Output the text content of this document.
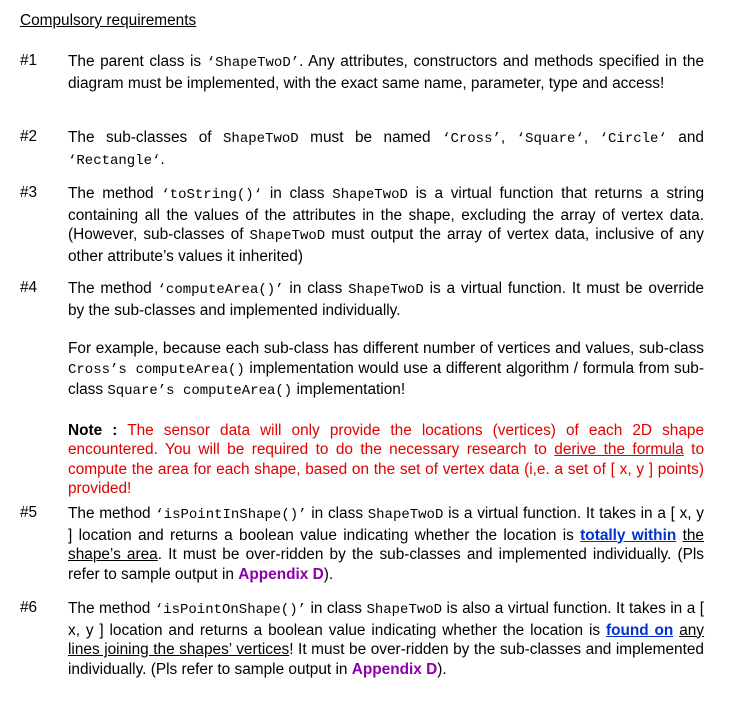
Compulsory requirements
#1	The parent class is ‘ShapeTwoD’. Any attributes, constructors and methods specified in the diagram must be implemented, with the exact same name, parameter, type and access!

#2	The sub-classes of ShapeTwoD must be named ‘Cross’, ‘Square‘, ‘Circle‘ and ‘Rectangle‘.

#3	The method ‘toString()‘ in class ShapeTwoD is a virtual function that returns a string containing all the values of the attributes in the shape, excluding the array of vertex data. (However, sub-classes of ShapeTwoD must output the array of vertex data, inclusive of any other attribute’s values it inherited)

#4	The method ‘computeArea()’ in class ShapeTwoD is a virtual function. It must be override by the sub-classes and implemented individually.

For example, because each sub-class has different number of vertices and values, sub-class Cross’s computeArea() implementation would use a different algorithm / formula from sub-class Square’s computeArea() implementation!

Note : The sensor data will only provide the locations (vertices) of each 2D shape encountered. You will be required to do the necessary research to derive the formula to compute the area for each shape, based on the set of vertex data (i,e. a set of [ x, y ] points) provided!

#5	The method ‘isPointInShape()’ in class ShapeTwoD is a virtual function. It takes in a [ x, y ] location and returns a boolean value indicating whether the location is totally within the shape’s area. It must be over-ridden by the sub-classes and implemented individually. (Pls refer to sample output in Appendix D).

#6	The method ‘isPointOnShape()’ in class ShapeTwoD is also a virtual function. It takes in a [ x, y ] location and returns a boolean value indicating whether the location is found on any lines joining the shapes’ vertices! It must be over-ridden by the sub-classes and implemented individually. (Pls refer to sample output in Appendix D).
